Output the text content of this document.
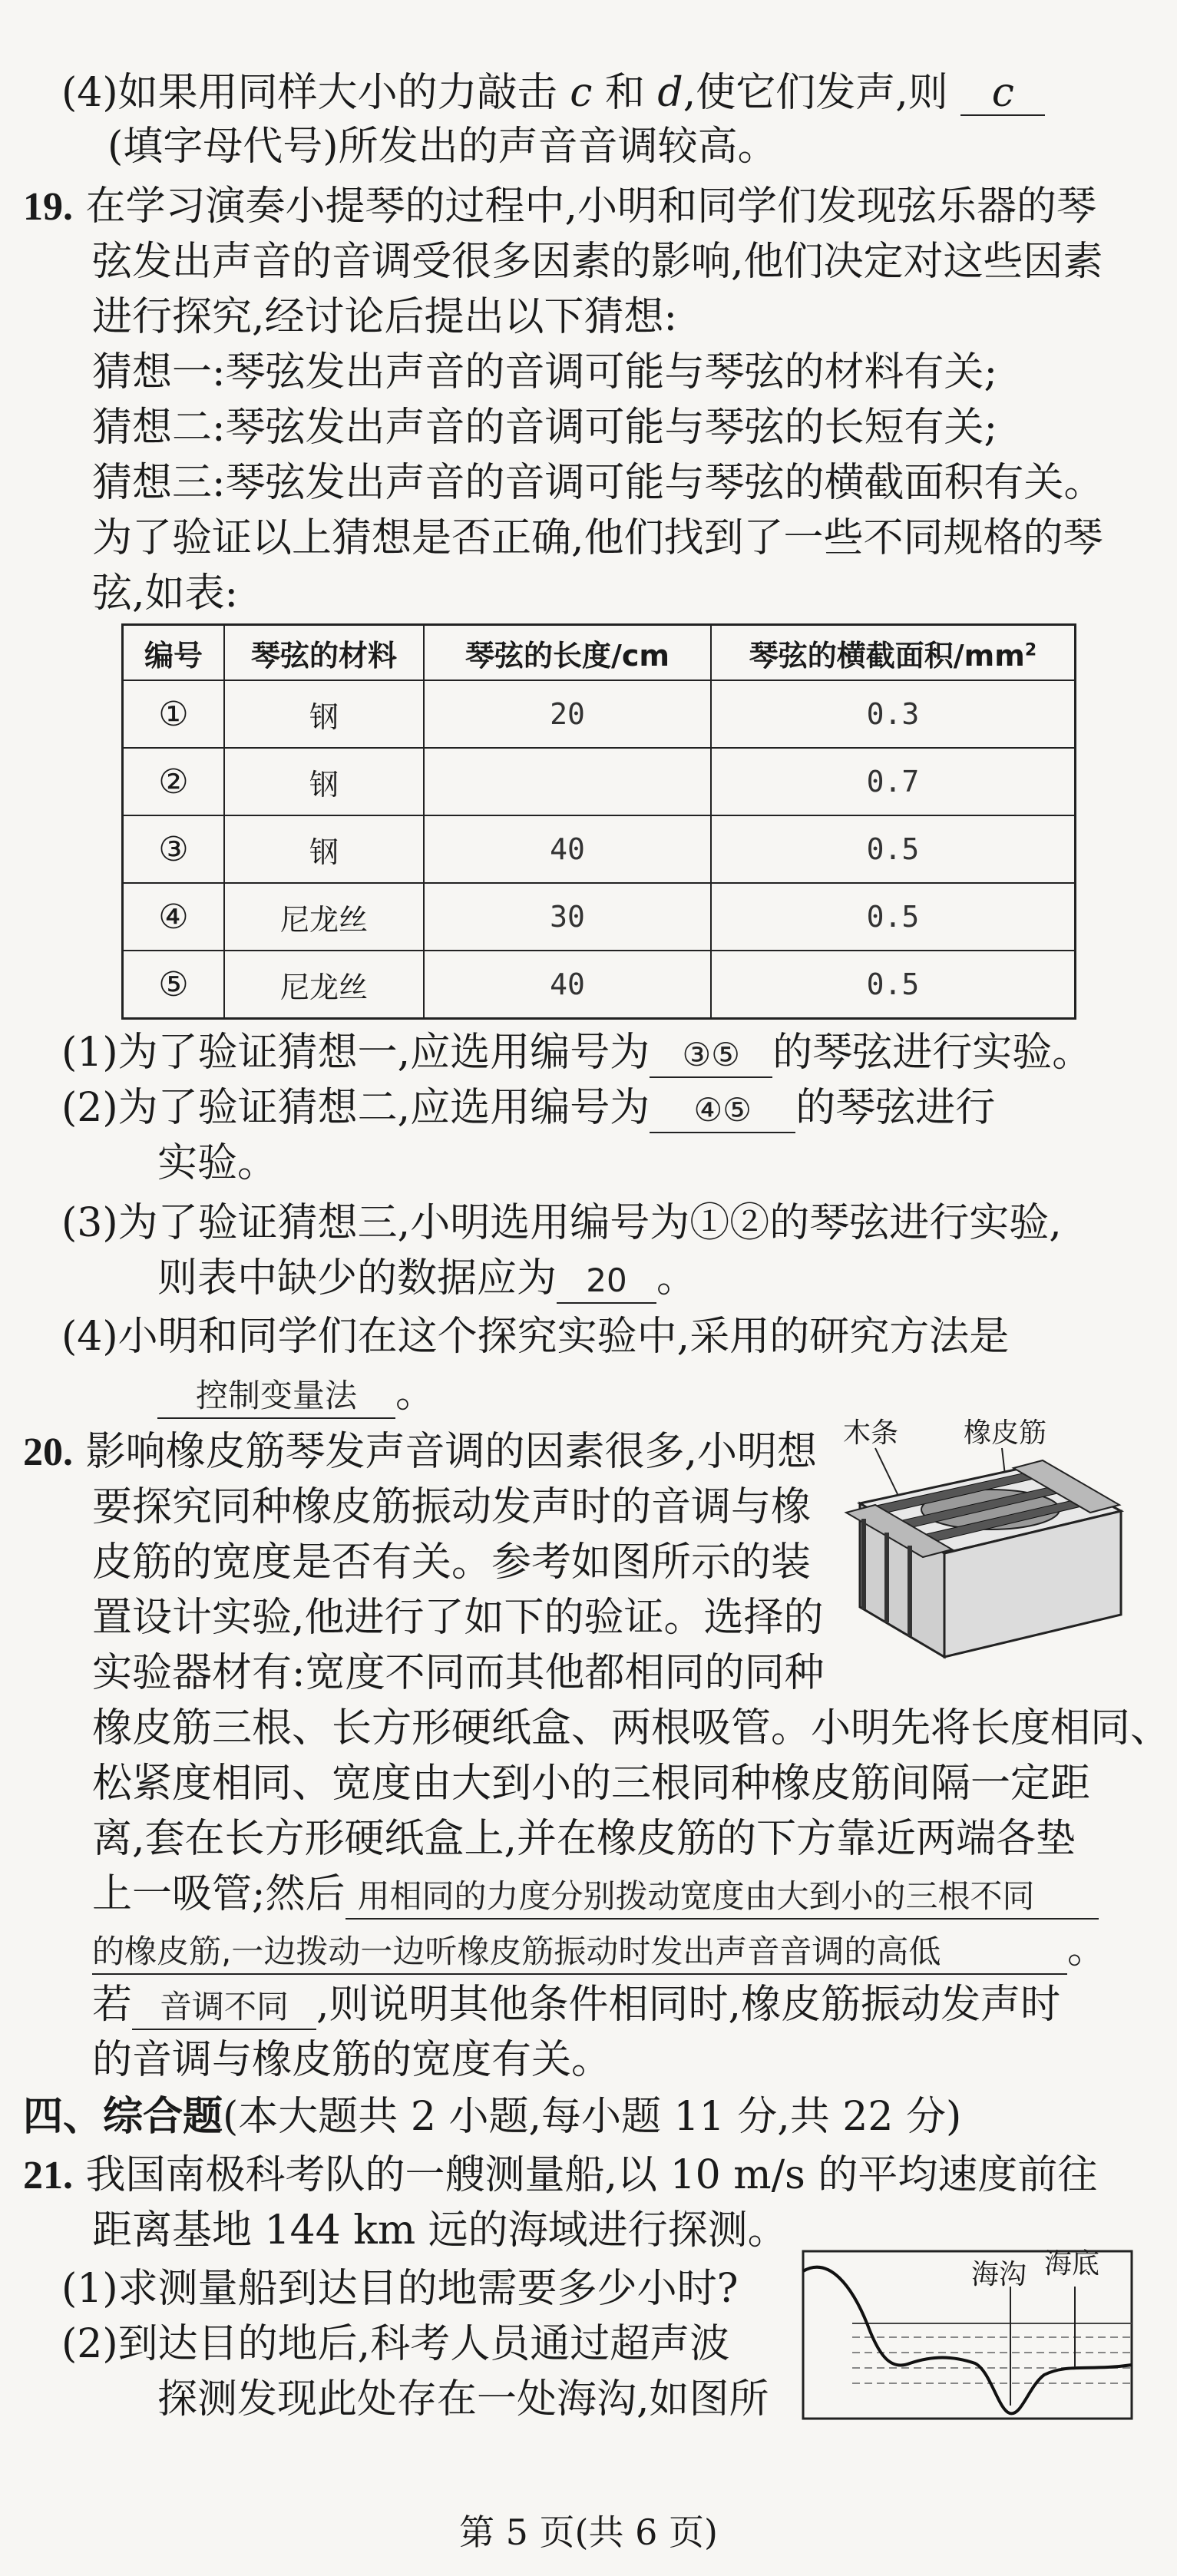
(4)如果用同样大小的力敲击 c 和 d,使它们发声,则 c
(填字母代号)所发出的声音音调较高。
19. 在学习演奏小提琴的过程中,小明和同学们发现弦乐器的琴
弦发出声音的音调受很多因素的影响,他们决定对这些因素
进行探究,经讨论后提出以下猜想:
猜想一:琴弦发出声音的音调可能与琴弦的材料有关;
猜想二:琴弦发出声音的音调可能与琴弦的长短有关;
猜想三:琴弦发出声音的音调可能与琴弦的横截面积有关。
为了验证以上猜想是否正确,他们找到了一些不同规格的琴
弦,如表:
编号	琴弦的材料	琴弦的长度/cm	琴弦的横截面积$/mm^2$
①	钢	20	0.3
②	钢		0.7
③	钢	40	0.5
④	尼龙丝	30	0.5
⑤	尼龙丝	40	0.5
(1)为了验证猜想一,应选用编号为 ③⑤ 的琴弦进行实验。
(2)为了验证猜想二,应选用编号为 ④⑤ 的琴弦进行
实验。
(3)为了验证猜想三,小明选用编号为①②的琴弦进行实验,
则表中缺少的数据应为 20 。
(4)小明和同学们在这个探究实验中,采用的研究方法是
控制变量法 。
20. 影响橡皮筋琴发声音调的因素很多,小明想
要探究同种橡皮筋振动发声时的音调与橡
皮筋的宽度是否有关。参考如图所示的装
置设计实验,他进行了如下的验证。选择的
实验器材有:宽度不同而其他都相同的同种
橡皮筋三根、长方形硬纸盒、两根吸管。小明先将长度相同、
松紧度相同、宽度由大到小的三根同种橡皮筋间隔一定距
离,套在长方形硬纸盒上,并在橡皮筋的下方靠近两端各垫
上一吸管;然后 用相同的力度分别拨动宽度由大到小的三根不同
的橡皮筋,一边拨动一边听橡皮筋振动时发出声音音调的高低	。
若 音调不同 ,则说明其他条件相同时,橡皮筋振动发声时
的音调与橡皮筋的宽度有关。
木条 橡皮筋
四、综合题(本大题共 2 小题,每小题 11 分,共 22 分)
21. 我国南极科考队的一艘测量船,以 10 m/s 的平均速度前往
距离基地 144 km 远的海域进行探测。
(1)求测量船到达目的地需要多少小时?
(2)到达目的地后,科考人员通过超声波
探测发现此处存在一处海沟,如图所
海沟 海底
第 5 页(共 6 页)
